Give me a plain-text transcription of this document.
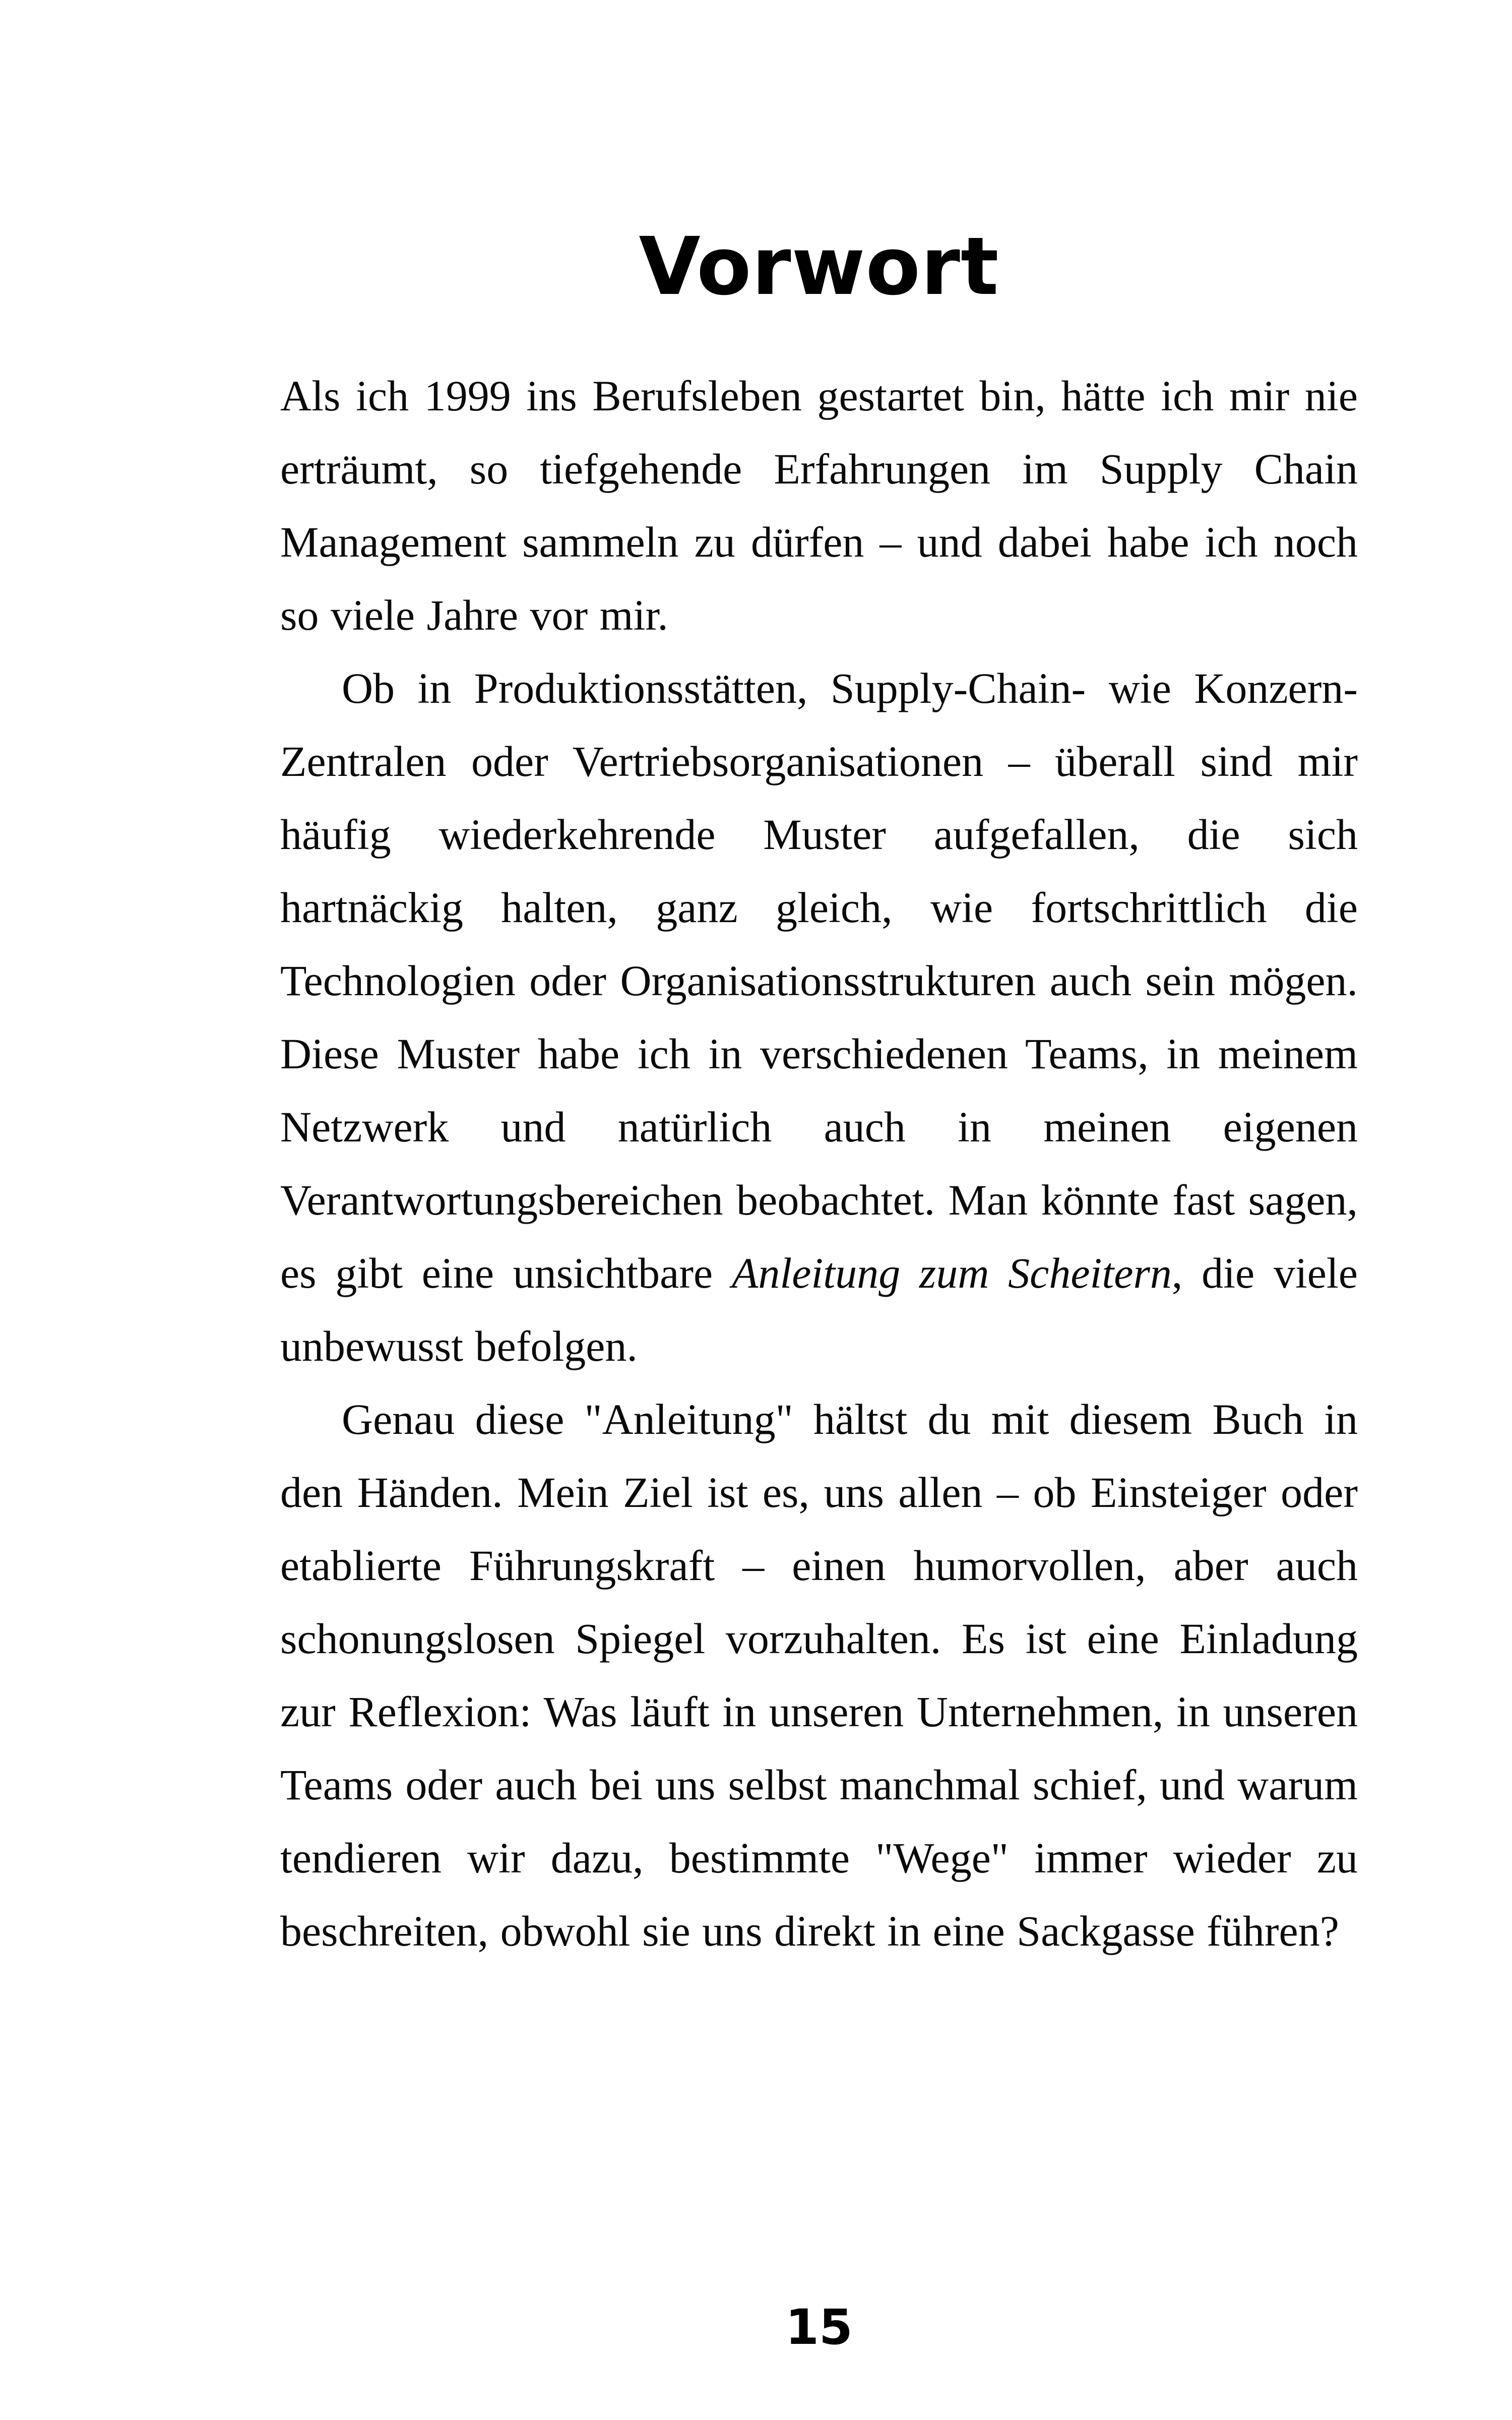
Vorwort

Als ich 1999 ins Berufsleben gestartet bin, hätte ich mir nie erträumt, so tiefgehende Erfahrungen im Supply Chain Management sammeln zu dürfen – und dabei habe ich noch so viele Jahre vor mir.

Ob in Produktionsstätten, Supply-Chain- wie Konzern-Zentralen oder Vertriebsorganisationen – überall sind mir häufig wiederkehrende Muster aufgefallen, die sich hartnäckig halten, ganz gleich, wie fortschrittlich die Technologien oder Organisationsstrukturen auch sein mögen. Diese Muster habe ich in verschiedenen Teams, in meinem Netzwerk und natürlich auch in meinen eigenen Verantwortungsbereichen beobachtet. Man könnte fast sagen, es gibt eine unsichtbare Anleitung zum Scheitern, die viele unbewusst befolgen.

Genau diese "Anleitung" hältst du mit diesem Buch in den Händen. Mein Ziel ist es, uns allen – ob Einsteiger oder etablierte Führungskraft – einen humorvollen, aber auch schonungslosen Spiegel vorzuhalten. Es ist eine Einladung zur Reflexion: Was läuft in unseren Unternehmen, in unseren Teams oder auch bei uns selbst manchmal schief, und warum tendieren wir dazu, bestimmte "Wege" immer wieder zu beschreiten, obwohl sie uns direkt in eine Sackgasse führen?

15
